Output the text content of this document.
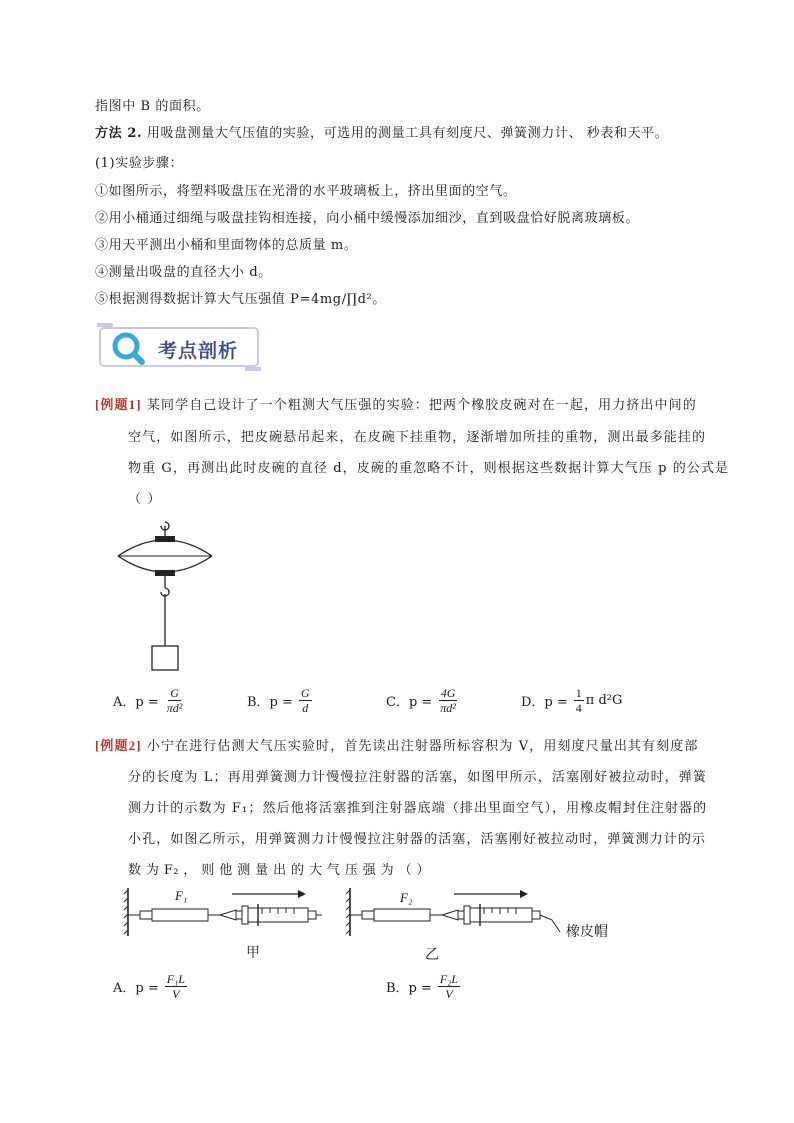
指图中 B 的面积。
方法 2. 用吸盘测量大气压值的实验，可选用的测量工具有刻度尺、弹簧测力计、 秒表和天平。
(1)实验步骤：
①如图所示，将塑料吸盘压在光滑的水平玻璃板上，挤出里面的空气。
②用小桶通过细绳与吸盘挂钩相连接，向小桶中缓慢添加细沙，直到吸盘恰好脱离玻璃板。
③用天平测出小桶和里面物体的总质量 m。
④测量出吸盘的直径大小 d。
⑤根据测得数据计算大气压强值 P=4mg/∏d²。
考点剖析
[例题1] 某同学自己设计了一个粗测大气压强的实验：把两个橡胶皮碗对在一起，用力挤出中间的
空气，如图所示，把皮碗悬吊起来，在皮碗下挂重物，逐渐增加所挂的重物，测出最多能挂的
物重 G，再测出此时皮碗的直径 d，皮碗的重忽略不计，则根据这些数据计算大气压 p 的公式是
（ ）
A．$p = \frac{G}{\text{πd²}}$	B．$p = \frac{G}{d}$	C．$p = \frac{4G}{\text{πd²}}$	D．$p = \frac{1}{4}$ π d²G
[例题2] 小宁在进行估测大气压实验时，首先读出注射器所标容积为 V，用刻度尺量出其有刻度部
分的长度为 L；再用弹簧测力计慢慢拉注射器的活塞，如图甲所示，活塞刚好被拉动时，弹簧
测力计的示数为 F₁；然后他将活塞推到注射器底端（排出里面空气），用橡皮帽封住注射器的
小孔，如图乙所示，用弹簧测力计慢慢拉注射器的活塞，活塞刚好被拉动时，弹簧测力计的示
数 为 F₂ ， 则 他 测 量 出 的 大 气 压 强 为 （ ）
F₁	F₂
橡皮帽
甲	乙
A．$p = \frac{\text{F₁L}}{V}$	B．$p = \frac{\text{F₂L}}{V}$
